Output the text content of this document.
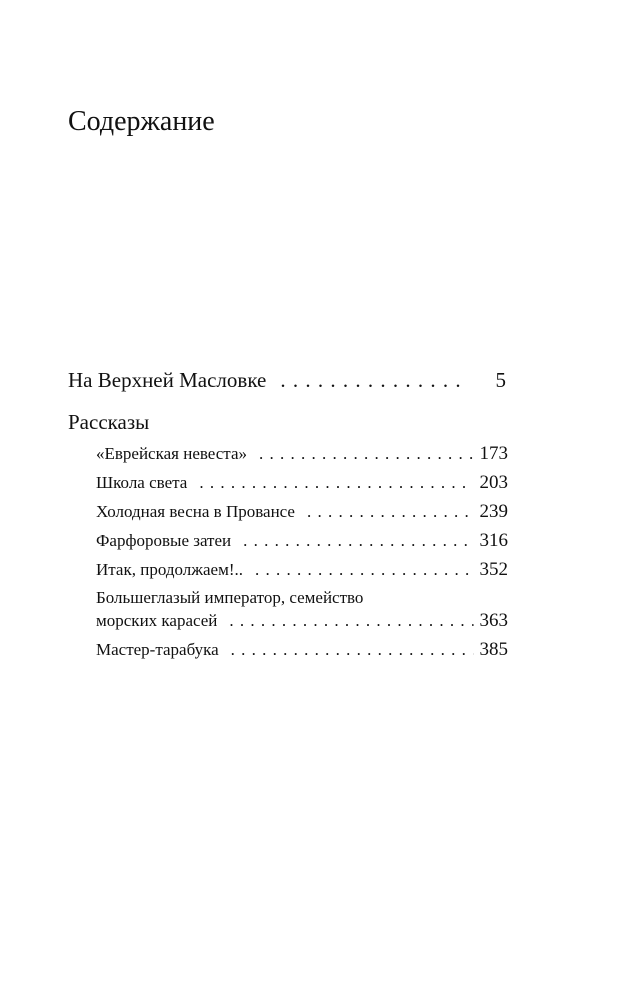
Содержание
На Верхней Масловке . . .	5
Рассказы
«Еврейская невеста» . . .	173
Школа света . . .	203
Холодная весна в Провансе . . .	239
Фарфоровые затеи . . .	316
Итак, продолжаем!.. . . .	352
Большеглазый император, семейство
морских карасей . . .	363
Мастер-тарабука . . .	385
